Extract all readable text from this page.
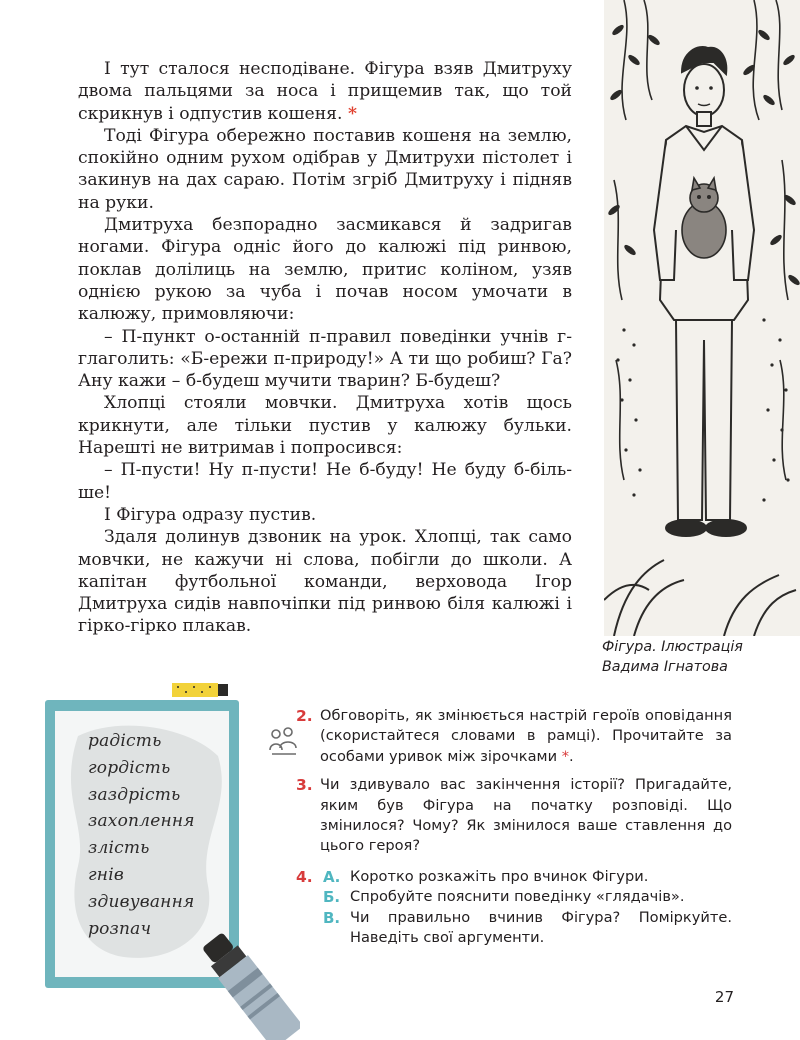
І тут сталося несподіване. Фігура взяв Дмитруху двома пальцями за носа і прищемив так, що той скрикнув і одпустив кошеня. *

Тоді Фігура обережно поставив кошеня на землю, спокійно одним рухом одібрав у Дмитрухи пістолет і закинув на дах сараю. Потім згріб Дмитруху і підняв на руки.

Дмитруха безпорадно засмикався й задригав ногами. Фігура одніс його до калюжі під ринвою, поклав долілиць на землю, притис коліном, узяв однією рукою за чуба і почав носом умочати в калюжу, примовляючи:

– П-пункт о-останній п-правил поведінки учнів г-глаголить: «Б-ережи п-природу!» А ти що робиш? Га? Ану кажи – б-будеш мучити тварин? Б-будеш?

Хлопці стояли мовчки. Дмитруха хотів щось крикнути, але тільки пустив у калюжу бульки. Нарешті не витримав і попросився:

– П-пусти! Ну п-пусти! Не б-буду! Не буду б-біль-ше!

І Фігура одразу пустив.

Здаля долинув дзвоник на урок. Хлопці, так само мовчки, не кажучи ні слова, побігли до школи. А капітан футбольної команди, верховода Ігор Дмитруха сидів навпочіпки під ринвою біля калюжі і гірко-гірко плакав.

Фігура. Ілюстрація
Вадима Ігнатова
радість
гордість
заздрість
захоплення
злість
гнів
здивування
розпач
2. Обговоріть, як змінюється настрій героїв оповідання (скористайтеся словами в рамці). Прочитайте за особами уривок між зірочками *.
3. Чи здивувало вас закінчення історії? Пригадайте, яким був Фігура на початку розповіді. Що змінилося? Чому? Як змінилося ваше ставлення до цього героя?
4. А. Коротко розкажіть про вчинок Фігури.
Б. Спробуйте пояснити поведінку «глядачів».
В. Чи правильно вчинив Фігура? Поміркуйте. Наведіть свої аргументи.
27
